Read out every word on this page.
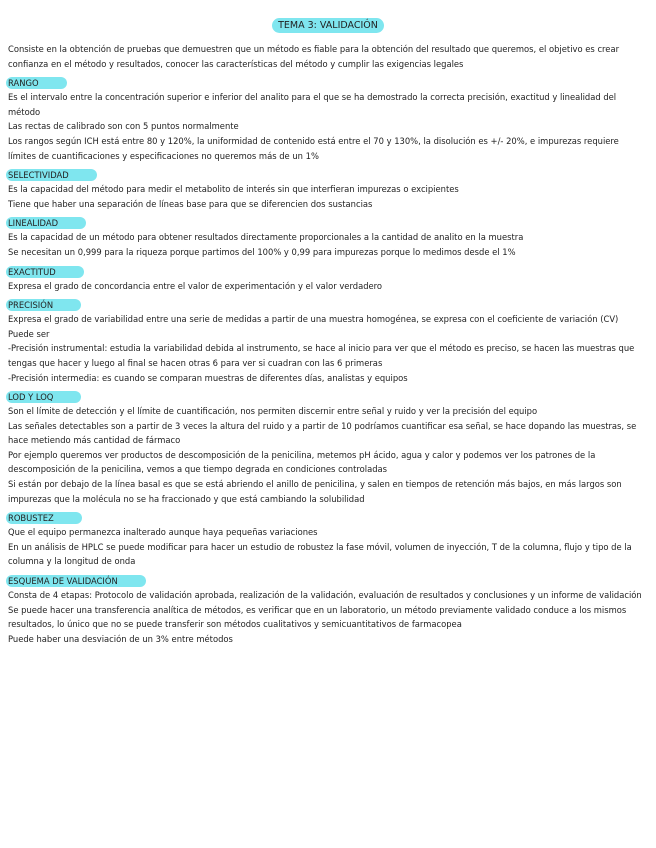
TEMA 3: VALIDACIÓN
Consiste en la obtención de pruebas que demuestren que un método es fiable para la obtención del resultado que queremos, el objetivo es crear confianza en el método y resultados, conocer las características del método y cumplir las exigencias legales
RANGO
Es el intervalo entre la concentración superior e inferior del analito para el que se ha demostrado la correcta precisión, exactitud y linealidad del método
Las rectas de calibrado son con 5 puntos normalmente
Los rangos según ICH está entre 80 y 120%, la uniformidad de contenido está entre el 70 y 130%, la disolución es +/- 20%, e impurezas requiere límites de cuantificaciones y especificaciones no queremos más de un 1%
SELECTIVIDAD
Es la capacidad del método para medir el metabolito de interés sin que interfieran impurezas o excipientes
Tiene que haber una separación de líneas base para que se diferencien dos sustancias
LINEALIDAD
Es la capacidad de un método para obtener resultados directamente proporcionales a la cantidad de analito en la muestra
Se necesitan un 0,999 para la riqueza porque partimos del 100% y 0,99 para impurezas porque lo medimos desde el 1%
EXACTITUD
Expresa el grado de concordancia entre el valor de experimentación y el valor verdadero
PRECISIÓN
Expresa el grado de variabilidad entre una serie de medidas a partir de una muestra homogénea, se expresa con el coeficiente de variación (CV)
Puede ser
-Precisión instrumental: estudia la variabilidad debida al instrumento, se hace al inicio para ver que el método es preciso, se hacen las muestras que tengas que hacer y luego al final se hacen otras 6 para ver si cuadran con las 6 primeras
-Precisión intermedia: es cuando se comparan muestras de diferentes días, analistas y equipos
LOD Y LOQ
Son el límite de detección y el límite de cuantificación, nos permiten discernir entre señal y ruido y ver la precisión del equipo
Las señales detectables son a partir de 3 veces la altura del ruido y a partir de 10 podríamos cuantificar esa señal, se hace dopando las muestras, se hace metiendo más cantidad de fármaco
Por ejemplo queremos ver productos de descomposición de la penicilina, metemos pH ácido, agua y calor y podemos ver los patrones de la descomposición de la penicilina, vemos a que tiempo degrada en condiciones controladas
Si están por debajo de la línea basal es que se está abriendo el anillo de penicilina, y salen en tiempos de retención más bajos, en más largos son impurezas que la molécula no se ha fraccionado y que está cambiando la solubilidad
ROBUSTEZ
Que el equipo permanezca inalterado aunque haya pequeñas variaciones
En un análisis de HPLC se puede modificar para hacer un estudio de robustez la fase móvil, volumen de inyección, T de la columna, flujo y tipo de la columna y la longitud de onda
ESQUEMA DE VALIDACIÓN
Consta de 4 etapas: Protocolo de validación aprobada, realización de la validación, evaluación de resultados y conclusiones y un informe de validación
Se puede hacer una transferencia analítica de métodos, es verificar que en un laboratorio, un método previamente validado conduce a los mismos resultados, lo único que no se puede transferir son métodos cualitativos y semicuantitativos de farmacopea
Puede haber una desviación de un 3% entre métodos
